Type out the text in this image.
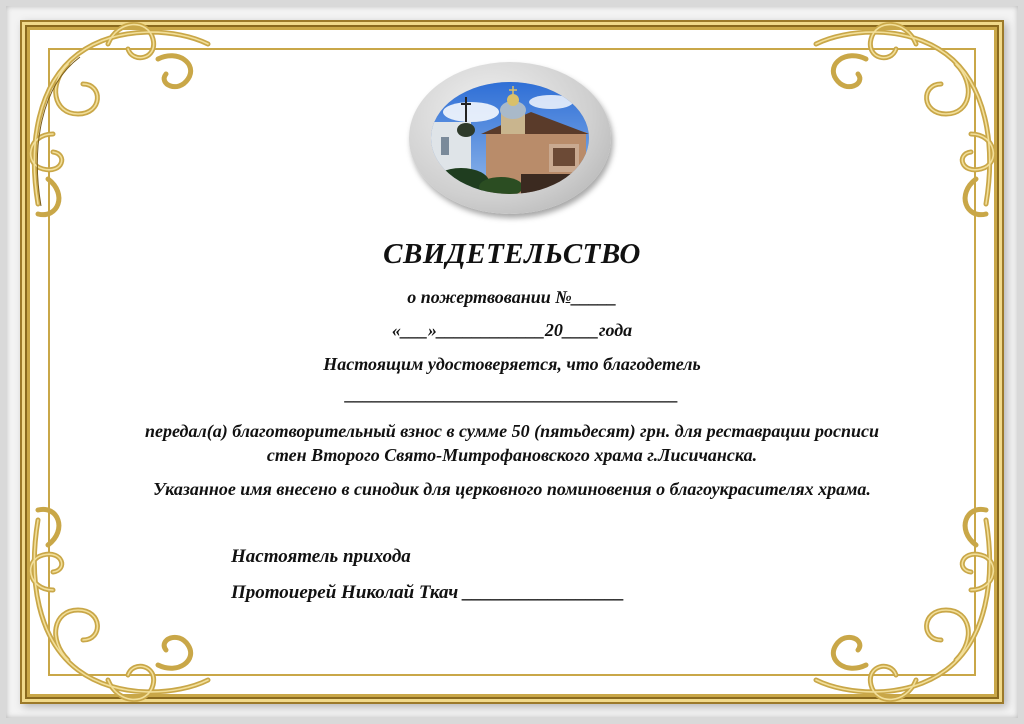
СВИДЕТЕЛЬСТВО
о пожертвовании №_____
«___»____________20____года
Настоящим удостоверяется, что благодетель
_____________________________________
передал(а) благотворительный взнос в сумме 50 (пятьдесят) грн. для реставрации росписи
стен Второго Свято-Митрофановского храма г.Лисичанска.
Указанное имя внесено в синодик для церковного поминовения о благоукрасителях храма.
Настоятель прихода
Протоиерей Николай Ткач _________________
